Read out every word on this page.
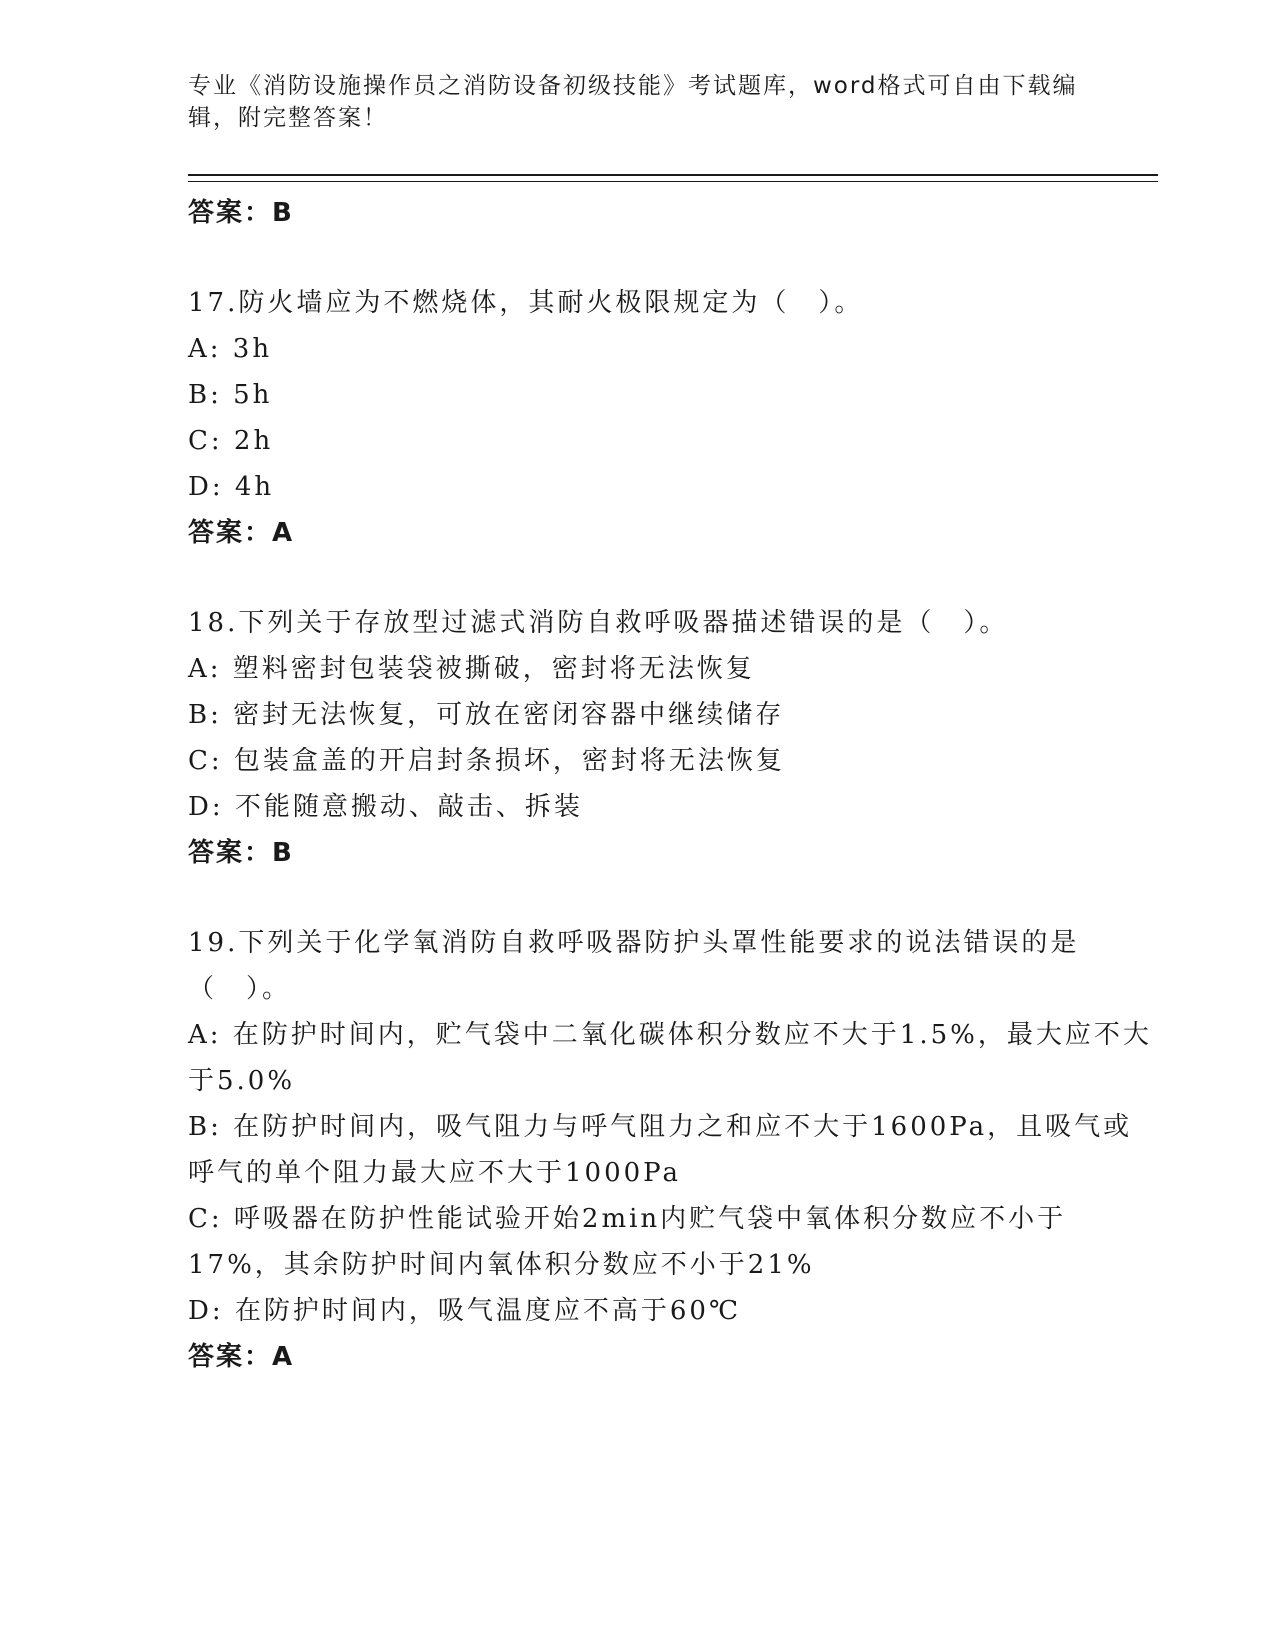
专业《消防设施操作员之消防设备初级技能》考试题库，word格式可自由下载编辑，附完整答案！

答案：B

17.防火墙应为不燃烧体，其耐火极限规定为（　）。

A: 3h

B: 5h

C: 2h

D: 4h

答案：A

18.下列关于存放型过滤式消防自救呼吸器描述错误的是（　）。

A: 塑料密封包装袋被撕破，密封将无法恢复

B: 密封无法恢复，可放在密闭容器中继续储存

C: 包装盒盖的开启封条损坏，密封将无法恢复

D: 不能随意搬动、敲击、拆装

答案：B

19.下列关于化学氧消防自救呼吸器防护头罩性能要求的说法错误的是（　）。

A: 在防护时间内，贮气袋中二氧化碳体积分数应不大于1.5%，最大应不大于5.0%

B: 在防护时间内，吸气阻力与呼气阻力之和应不大于1600Pa，且吸气或呼气的单个阻力最大应不大于1000Pa

C: 呼吸器在防护性能试验开始2min内贮气袋中氧体积分数应不小于17%，其余防护时间内氧体积分数应不小于21%

D: 在防护时间内，吸气温度应不高于60℃

答案：A
